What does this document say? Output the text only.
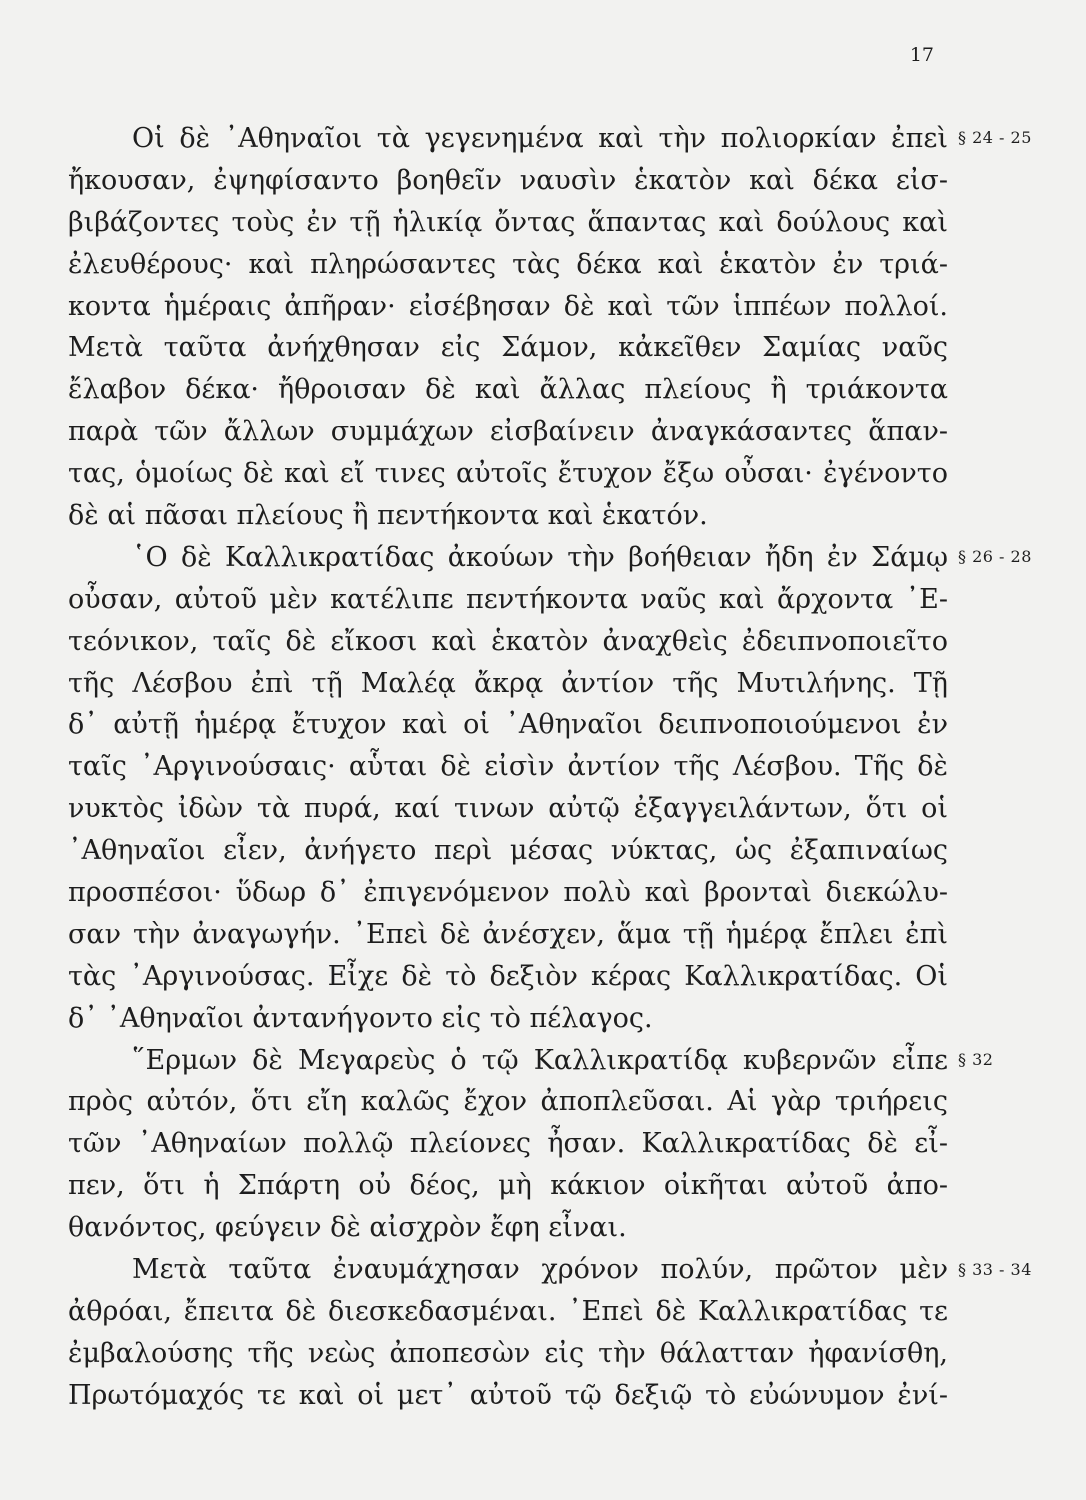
17
Οἱ δὲ ᾿Αθηναῖοι τὰ γεγενημένα καὶ τὴν πολιορκίαν ἐπεὶ
ἤκουσαν, ἐψηφίσαντο βοηθεῖν ναυσὶν ἑκατὸν καὶ δέκα εἰσ-
βιβάζοντες τοὺς ἐν τῇ ἡλικίᾳ ὄντας ἅπαντας καὶ δούλους καὶ
ἐλευθέρους· καὶ πληρώσαντες τὰς δέκα καὶ ἑκατὸν ἐν τριά-
κοντα ἡμέραις ἀπῆραν· εἰσέβησαν δὲ καὶ τῶν ἱππέων πολλοί.
Μετὰ ταῦτα ἀνήχθησαν εἰς Σάμον, κἀκεῖθεν Σαμίας ναῦς
ἔλαβον δέκα· ἤθροισαν δὲ καὶ ἄλλας πλείους ἢ τριάκοντα
παρὰ τῶν ἄλλων συμμάχων εἰσβαίνειν ἀναγκάσαντες ἅπαν-
τας, ὁμοίως δὲ καὶ εἴ τινες αὐτοῖς ἔτυχον ἔξω οὖσαι· ἐγένοντο
δὲ αἱ πᾶσαι πλείους ἢ πεντήκοντα καὶ ἑκατόν.
῾Ο δὲ Καλλικρατίδας ἀκούων τὴν βοήθειαν ἤδη ἐν Σάμῳ
οὖσαν, αὐτοῦ μὲν κατέλιπε πεντήκοντα ναῦς καὶ ἄρχοντα ᾿Ε-
τεόνικον, ταῖς δὲ εἴκοσι καὶ ἑκατὸν ἀναχθεὶς ἐδειπνοποιεῖτο
τῆς Λέσβου ἐπὶ τῇ Μαλέᾳ ἄκρᾳ ἀντίον τῆς Μυτιλήνης. Τῇ
δ᾿ αὐτῇ ἡμέρᾳ ἔτυχον καὶ οἱ ᾿Αθηναῖοι δειπνοποιούμενοι ἐν
ταῖς ᾿Αργινούσαις· αὗται δὲ εἰσὶν ἀντίον τῆς Λέσβου. Τῆς δὲ
νυκτὸς ἰδὼν τὰ πυρά, καί τινων αὐτῷ ἐξαγγειλάντων, ὅτι οἱ
᾿Αθηναῖοι εἶεν, ἀνήγετο περὶ μέσας νύκτας, ὡς ἐξαπιναίως
προσπέσοι· ὕδωρ δ᾿ ἐπιγενόμενον πολὺ καὶ βρονταὶ διεκώλυ-
σαν τὴν ἀναγωγήν. ᾿Επεὶ δὲ ἀνέσχεν, ἅμα τῇ ἡμέρᾳ ἔπλει ἐπὶ
τὰς ᾿Αργινούσας. Εἶχε δὲ τὸ δεξιὸν κέρας Καλλικρατίδας. Οἱ
δ᾿ ᾿Αθηναῖοι ἀντανήγοντο εἰς τὸ πέλαγος.
῞Ερμων δὲ Μεγαρεὺς ὁ τῷ Καλλικρατίδᾳ κυβερνῶν εἶπε
πρὸς αὐτόν, ὅτι εἴη καλῶς ἔχον ἀποπλεῦσαι. Αἱ γὰρ τριήρεις
τῶν ᾿Αθηναίων πολλῷ πλείονες ἦσαν. Καλλικρατίδας δὲ εἶ-
πεν, ὅτι ἡ Σπάρτη οὐ δέος, μὴ κάκιον οἰκῆται αὐτοῦ ἀπο-
θανόντος, φεύγειν δὲ αἰσχρὸν ἔφη εἶναι.
Μετὰ ταῦτα ἐναυμάχησαν χρόνον πολύν, πρῶτον μὲν
ἀθρόαι, ἔπειτα δὲ διεσκεδασμέναι. ᾿Επεὶ δὲ Καλλικρατίδας τε
ἐμβαλούσης τῆς νεὼς ἀποπεσὼν εἰς τὴν θάλατταν ἠφανίσθη,
Πρωτόμαχός τε καὶ οἱ μετ᾿ αὐτοῦ τῷ δεξιῷ τὸ εὐώνυμον ἐνί-
§ 24 - 25
§ 26 - 28
§ 32
§ 33 - 34
